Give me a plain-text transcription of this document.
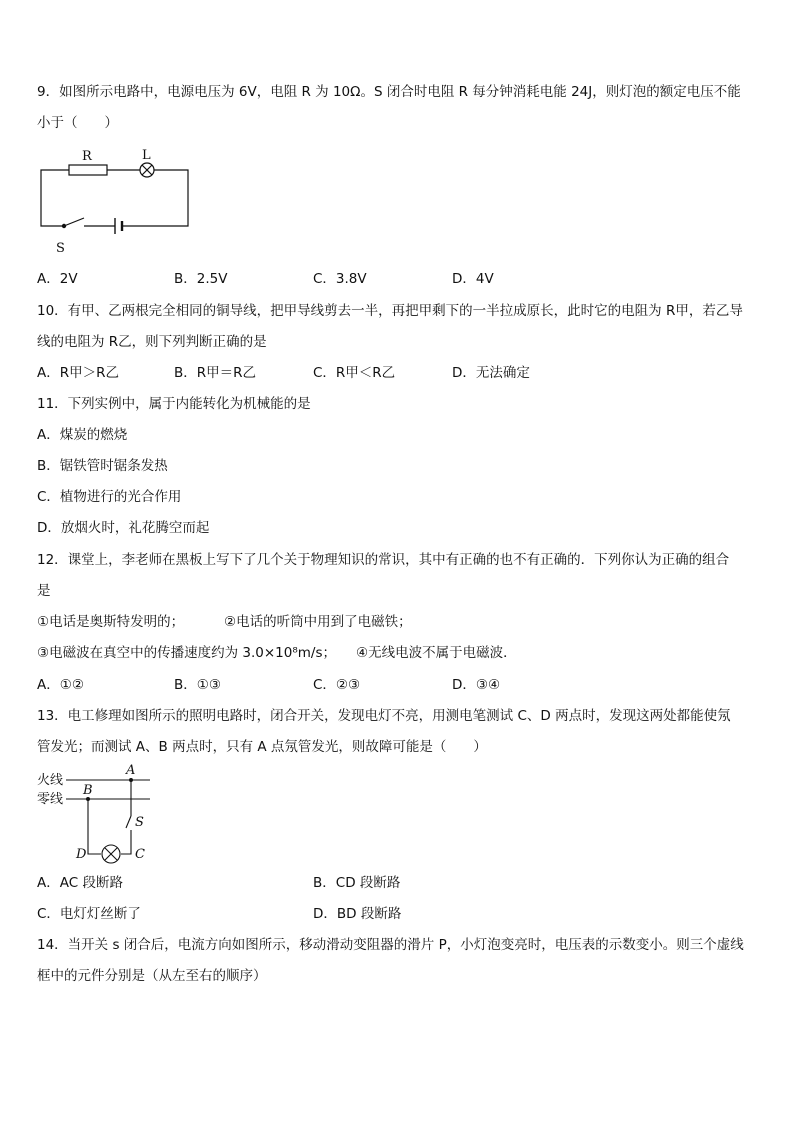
9．如图所示电路中，电源电压为 6V，电阻 R 为 10Ω。S 闭合时电阻 R 每分钟消耗电能 24J，则灯泡的额定电压不能
小于（　　）
R	L
S
A．2V	B．2.5V	C．3.8V	D．4V
10．有甲、乙两根完全相同的铜导线，把甲导线剪去一半，再把甲剩下的一半拉成原长，此时它的电阻为 R甲，若乙导
线的电阻为 R乙，则下列判断正确的是
A．R甲＞R乙	B．R甲＝R乙	C．R甲＜R乙	D．无法确定
11．下列实例中，属于内能转化为机械能的是
A．煤炭的燃烧
B．锯铁管时锯条发热
C．植物进行的光合作用
D．放烟火时，礼花腾空而起
12．课堂上，李老师在黑板上写下了几个关于物理知识的常识，其中有正确的也不有正确的．下列你认为正确的组合
是
①电话是奥斯特发明的；	②电话的听筒中用到了电磁铁；
③电磁波在真空中的传播速度约为 3.0×10⁸m/s； ④无线电波不属于电磁波．
A．①②	B．①③	C．②③	D．③④
13．电工修理如图所示的照明电路时，闭合开关，发现电灯不亮，用测电笔测试 C、D 两点时，发现这两处都能使氖
管发光；而测试 A、B 两点时，只有 A 点氖管发光，则故障可能是（　　）
火线
零线
A
B
S
D	C
A．AC 段断路	B．CD 段断路
C．电灯灯丝断了	D．BD 段断路
14．当开关 s 闭合后，电流方向如图所示，移动滑动变阻器的滑片 P，小灯泡变亮时，电压表的示数变小。则三个虚线
框中的元件分别是（从左至右的顺序）
